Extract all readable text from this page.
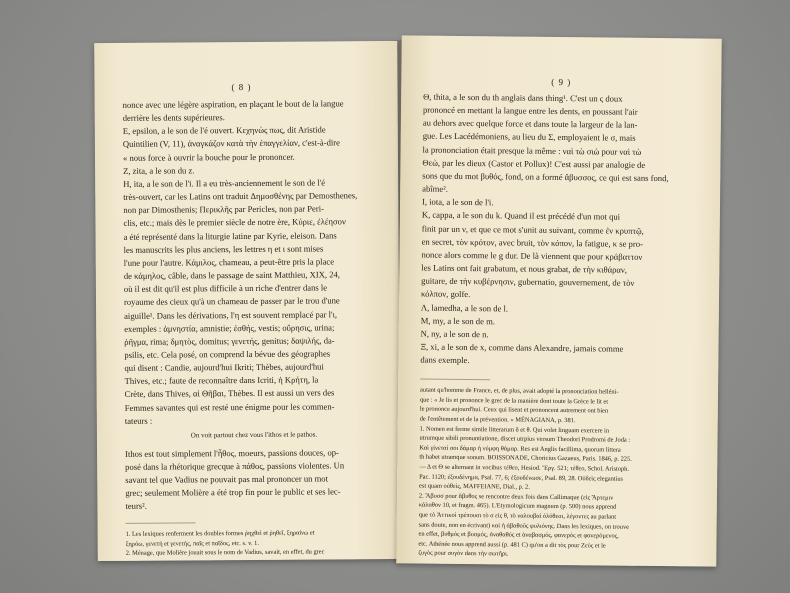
( 8 )

nonce avec une légère aspiration, en plaçant le bout de la langue

derrière les dents supérieures.

E, epsilon, a le son de l'é ouvert. Κεχηνὼς πως, dit Aristide

Quintilien (V, 11), ἀναγκάζον κατὰ τὴν ἐπαγγελίαν, c'est-à-dire

« nous force à ouvrir la bouche pour le prononcer.

Z, zita, a le son du z.

H, ita, a le son de l'i. Il a eu très-anciennement le son de l'é

très-ouvert, car les Latins ont traduit Δημοσθένης par Demosthenes,

non par Dimosthenis; Περικλῆς par Pericles, non par Peri-

clis, etc.; mais dès le premier siècle de notre ère, Κύριε, ἐλέησον

a été représenté dans la liturgie latine par Kyrie, eleison. Dans

les manuscrits les plus anciens, les lettres η et ι sont mises

l'une pour l'autre. Κάμιλος, chameau, a peut-être pris la place

de κάμηλος, câble, dans le passage de saint Matthieu, XIX, 24,

où il est dit qu'il est plus difficile à un riche d'entrer dans le

royaume des cieux qu'à un chameau de passer par le trou d'une

aiguille¹. Dans les dérivations, l'η est souvent remplacé par l'ι,

exemples : ἀμνηστία, amnistie; ἐσθής, vestis; οὔρησις, urina;

ῥῆγμα, rima; δμητὸς, domitus; γενετής, genitus; δαψιλής, da-

psilis, etc. Cela posé, on comprend la bévue des géographes

qui disent : Candie, aujourd'hui Ikriti; Thèbes, aujourd'hui

Thives, etc.; faute de reconnaître dans Icriti, ἡ Κρήτη, la

Crète, dans Thives, αἱ Θῆβαι, Thèbes. Il est aussi un vers des

Femmes savantes qui est resté une énigme pour les commen-

tateurs :

On voit partout chez vous l'ithos et le pathos.

Ithos est tout simplement l'ἦθος, moeurs, passions douces, op-

posé dans la rhétorique grecque à πάθος, passions violentes. Un

savant tel que Vadius ne pouvait pas mal prononcer un mot

grec; seulement Molière a été trop fin pour le public et ses lec-

teurs².

1. Les lexiques renferment les doubles formes ῥηχθεὶ et ῥηθεῖ, ξηραίνω et

ξηρόω, γενετή et γενετής, παῖς et παῖδος, etc. s. v. 1.

2. Ménage, que Molière jouait sous le nom de Vadius, savait, en effet, du grec

( 9 )

Θ, thita, a le son du th anglais dans thing¹. C'est un ς doux

prononcé en mettant la langue entre les dents, en poussant l'air

au dehors avec quelque force et dans toute la largeur de la lan-

gue. Les Lacédémoniens, au lieu du Σ, employaient le σ, mais

la prononciation était presque la même : ναὶ τὼ σιὼ pour ναὶ τὼ

Θεὼ, par les dieux (Castor et Pollux)! C'est aussi par analogie de

sons que du mot βυθός, fond, on a formé ἄβυσσος, ce qui est sans fond,

abîme².

I, iota, a le son de l'i.

K, cappa, a le son du k. Quand il est précédé d'un mot qui

finit par un ν, et que ce mot s'unit au suivant, comme ἐν κρυπτῷ,

en secret, τὸν κρότον, avec bruit, τὸν κόπον, la fatigue, κ se pro-

nonce alors comme le g dur. De là viennent que pour κράβαττον

les Latins ont fait grabatum, et nous grabat, de τὴν κιθάραν,

guitare, de τὴν κυβέρνησιν, gubernatio, gouvernement, de τὸν

κόλπον, golfe.

Λ, lamedha, a le son de l.

M, my, a le son de m.

N, ny, a le son de n.

Ξ, xi, a le son de x, comme dans Alexandre, jamais comme

dans exemple.

autant qu'homme de France, et, de plus, avait adopté la prononciation helléni-

que : « Je lis et prononce le grec de la manière dont toute la Grèce le lit et

le prononce aujourd'hui. Ceux qui lisent et prononcent autrement ont bien

de l'entêtement et de la prévention. » MÉNAGIANA, p. 381.

1. Nomen est ferme simile litterarum δ et θ. Qui volet linguam exercere in

utrumque sibili pronuntiatione, discet utrpius versum Theodori Prodromi de Joda :

Καὶ γίνεταί σοι δάμαρ ἡ νύμφη θάμαρ. Res est Anglis facillima, quorum littera

th habet utramque sonum. BOISSONADE, Choricius Gazaeus, Paris. 1846, p. 225.

— Δ et Θ se alternant in vocibus τέθεο, Hesiod. Ἔργ. 521; τέθεο, Schol. Aristoph.

Pac. 1120; ἐξουδένημα, Psal. 77, 6; ἐξουδένωσε, Psal. 89, 28. Οὐδεὶς elegantius

est quam οὐθείς, MAFFEIANE, Dial., p. 2.

2. Ἄβυσσ pour ἄβυθος se rencontre deux fois dans Callimaque (εἰς Ἄρτεμιν

κάλαθον 10, et fragm. 465). L'Etymologicum magnum (p. 500) nous apprend

que τὸ Ἀττικοὶ τρέπουσι τὸ σ εἰς θ, τὸ ναλουβαὶ ὀλόθεσι, λέγοντες au parlant

sans doute, non en écrivant) καὶ ἡ ἀβαθοῦς φυλιόνης. Dans les lexiques, on trouve

en effet, βυθμός et βυσμός, ἀναθαθύς et ἀναβασμός, φανερὸς et φανερόμενος,

etc. Athénée nous apprend aussi (p. 481 C) qu'on a dit τὸς pour Ζεὺς et le

ζυγὸς pour συγὸν dans τὴν σωτῆρι.
